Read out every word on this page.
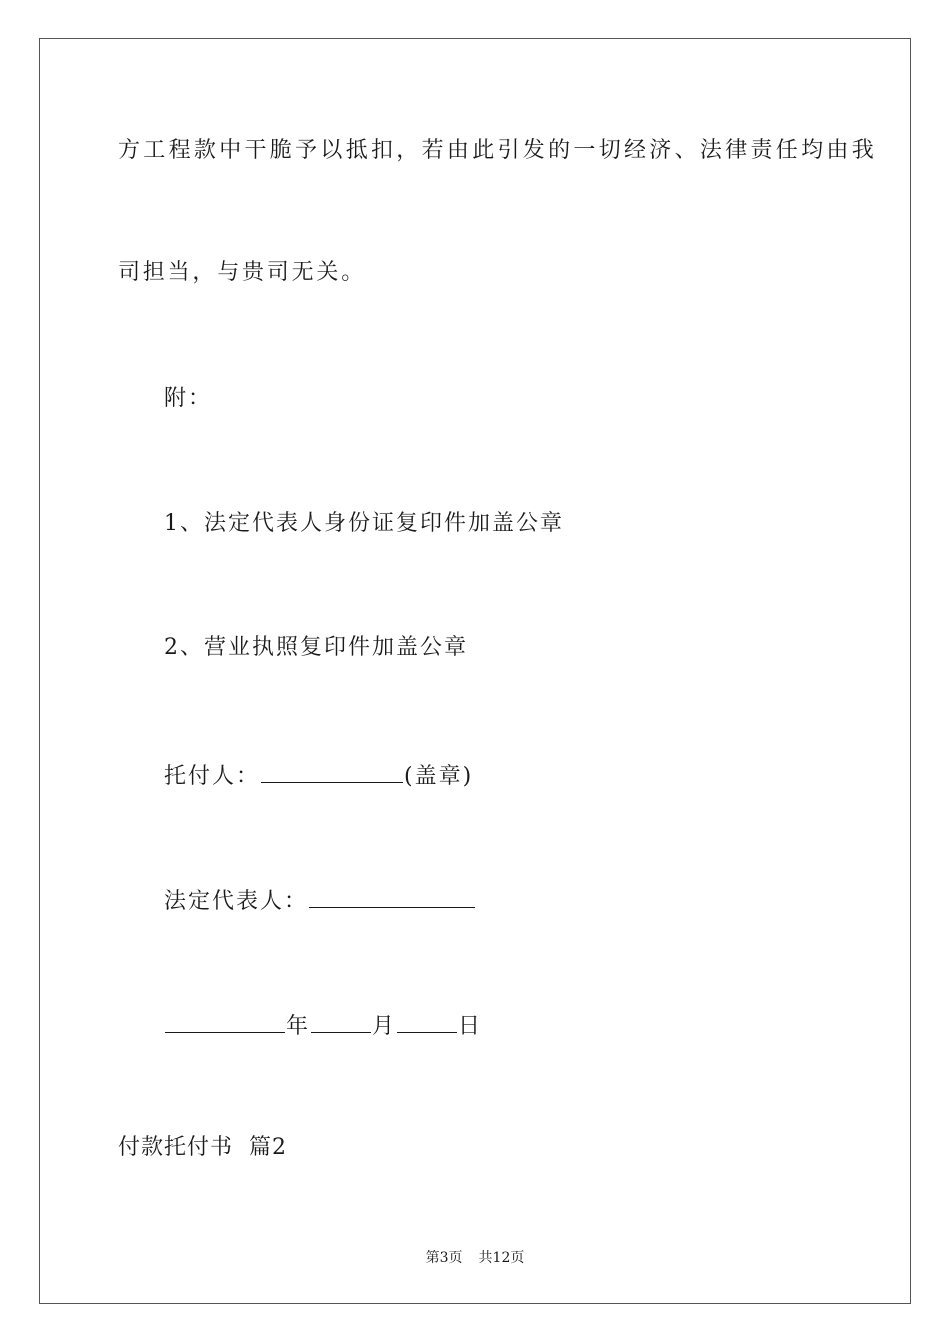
方工程款中干脆予以抵扣，若由此引发的一切经济、法律责任均由我
司担当，与贵司无关。
附：
1、法定代表人身份证复印件加盖公章
2、营业执照复印件加盖公章
托付人：	(盖章)
法定代表人：
年	月	日
付款托付书  篇2
第3页 共12页
